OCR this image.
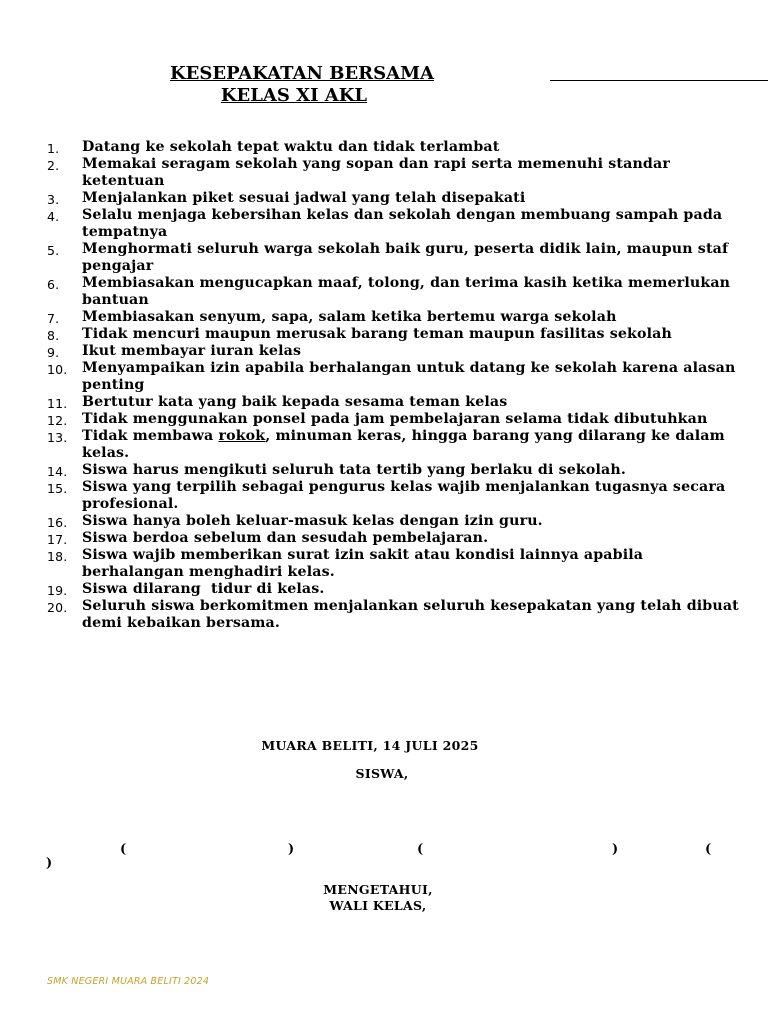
KESEPAKATAN BERSAMA
KELAS XI AKL
1. Datang ke sekolah tepat waktu dan tidak terlambat
2. Memakai seragam sekolah yang sopan dan rapi serta memenuhi standar ketentuan
3. Menjalankan piket sesuai jadwal yang telah disepakati
4. Selalu menjaga kebersihan kelas dan sekolah dengan membuang sampah pada tempatnya
5. Menghormati seluruh warga sekolah baik guru, peserta didik lain, maupun staf pengajar
6. Membiasakan mengucapkan maaf, tolong, dan terima kasih ketika memerlukan bantuan
7. Membiasakan senyum, sapa, salam ketika bertemu warga sekolah
8. Tidak mencuri maupun merusak barang teman maupun fasilitas sekolah
9. Ikut membayar iuran kelas
10. Menyampaikan izin apabila berhalangan untuk datang ke sekolah karena alasan penting
11. Bertutur kata yang baik kepada sesama teman kelas
12. Tidak menggunakan ponsel pada jam pembelajaran selama tidak dibutuhkan
13. Tidak membawa rokok, minuman keras, hingga barang yang dilarang ke dalam kelas.
14. Siswa harus mengikuti seluruh tata tertib yang berlaku di sekolah.
15. Siswa yang terpilih sebagai pengurus kelas wajib menjalankan tugasnya secara profesional.
16. Siswa hanya boleh keluar-masuk kelas dengan izin guru.
17. Siswa berdoa sebelum dan sesudah pembelajaran.
18. Siswa wajib memberikan surat izin sakit atau kondisi lainnya apabila berhalangan menghadiri kelas.
19. Siswa dilarang  tidur di kelas.
20. Seluruh siswa berkomitmen menjalankan seluruh kesepakatan yang telah dibuat demi kebaikan bersama.
MUARA BELITI, 14 JULI 2025
SISWA,
(	)	(	)	(
)
MENGETAHUI,
WALI KELAS,
SMK NEGERI MUARA BELITI 2024
